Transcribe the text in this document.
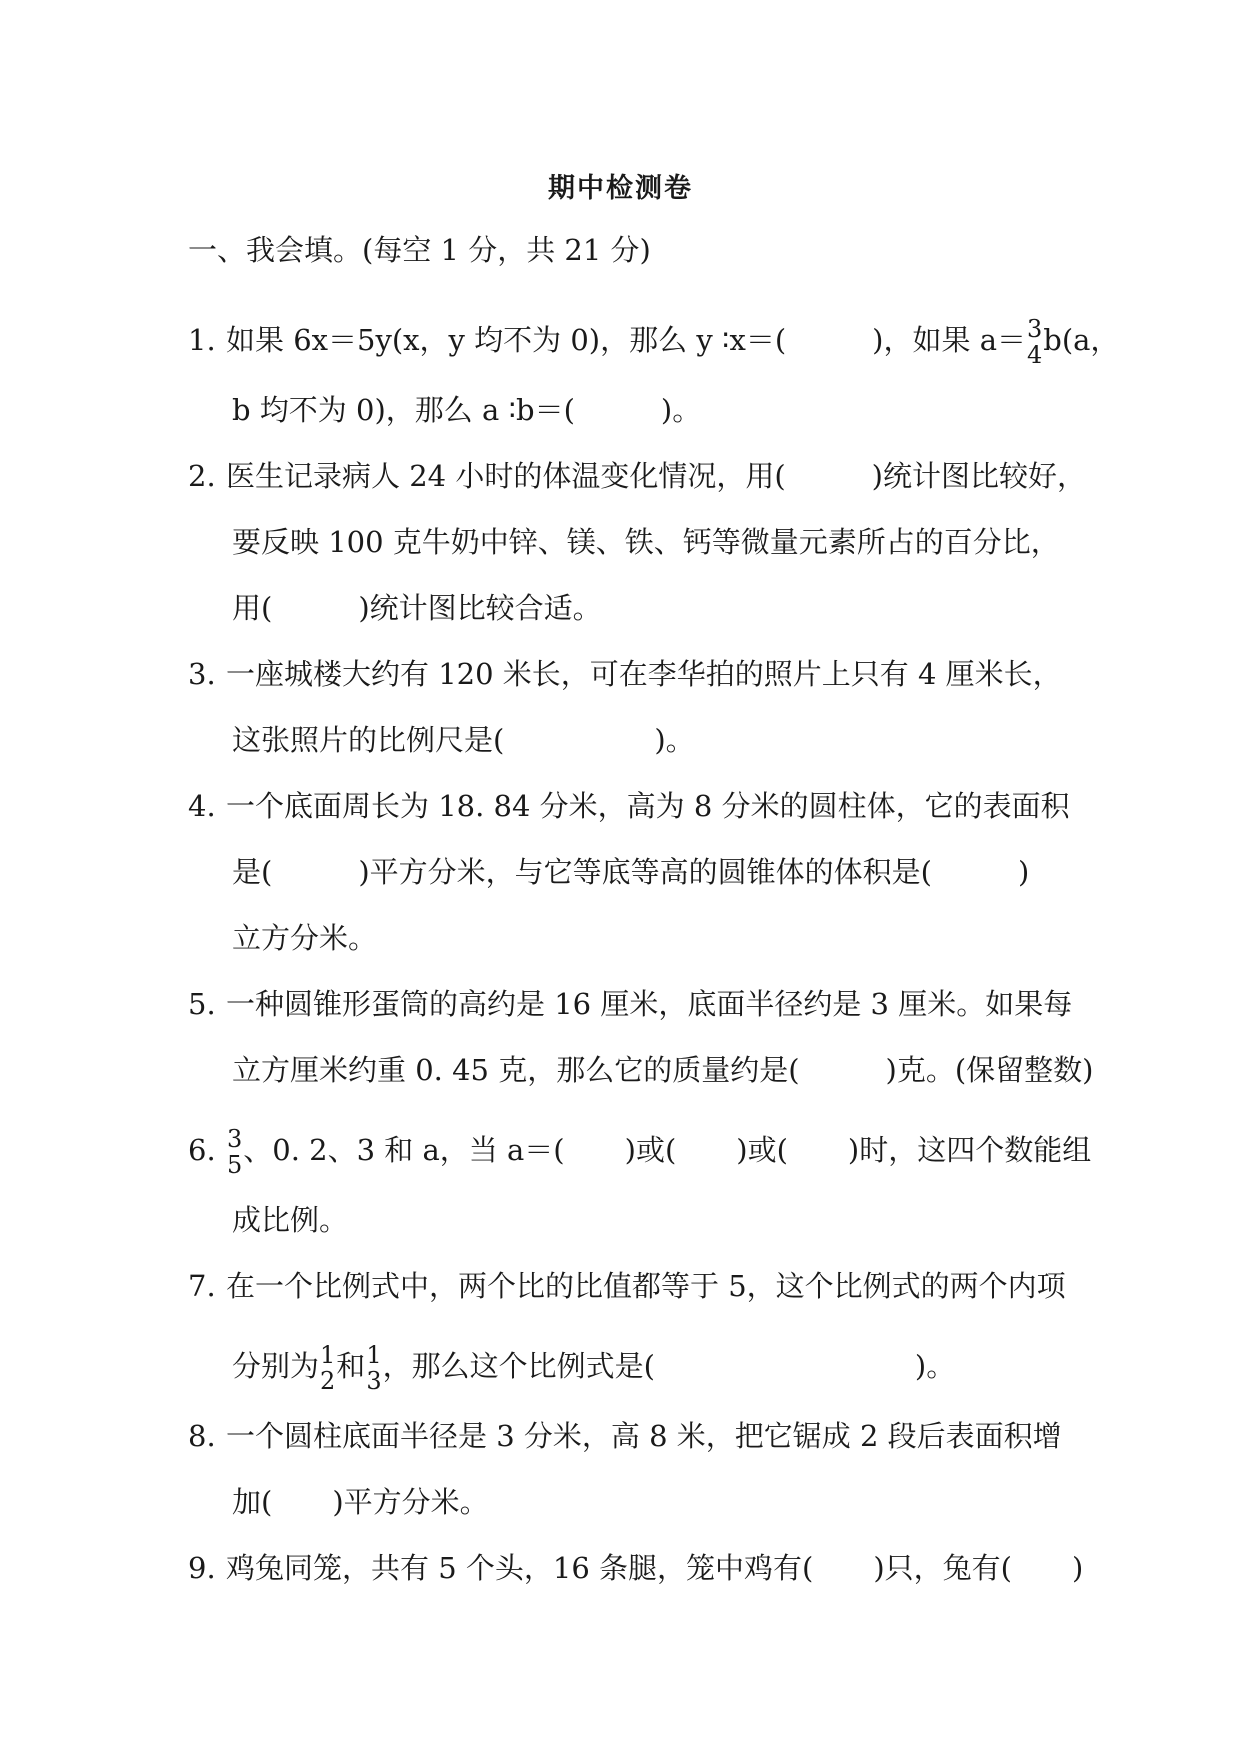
期中检测卷
一、我会填。(每空 1 分，共 21 分)
1. 如果 6x＝5y(x，y 均不为 0)，那么 y ∶x＝(	)，如果 a＝ 3
4 b(a，
b 均不为 0)，那么 a ∶b＝(	)。
2. 医生记录病人 24 小时的体温变化情况，用(	)统计图比较好，
要反映 100 克牛奶中锌、镁、铁、钙等微量元素所占的百分比，
用(	)统计图比较合适。
3. 一座城楼大约有 120 米长，可在李华拍的照片上只有 4 厘米长，
这张照片的比例尺是(	)。
4. 一个底面周长为 18. 84 分米，高为 8 分米的圆柱体，它的表面积
是(	)平方分米，与它等底等高的圆锥体的体积是(	)
立方分米。
5. 一种圆锥形蛋筒的高约是 16 厘米，底面半径约是 3 厘米。如果每
立方厘米约重 0. 45 克，那么它的质量约是(	)克。(保留整数)
6. 3
5 、0. 2、3 和 a，当 a＝( )或( )或( )时，这四个数能组
成比例。
7. 在一个比例式中，两个比的比值都等于 5，这个比例式的两个内项
分别为 1
2 和 1
3 ，那么这个比例式是(	)。
8. 一个圆柱底面半径是 3 分米，高 8 米，把它锯成 2 段后表面积增
加( )平方分米。
9. 鸡兔同笼，共有 5 个头，16 条腿，笼中鸡有( )只，兔有( )
